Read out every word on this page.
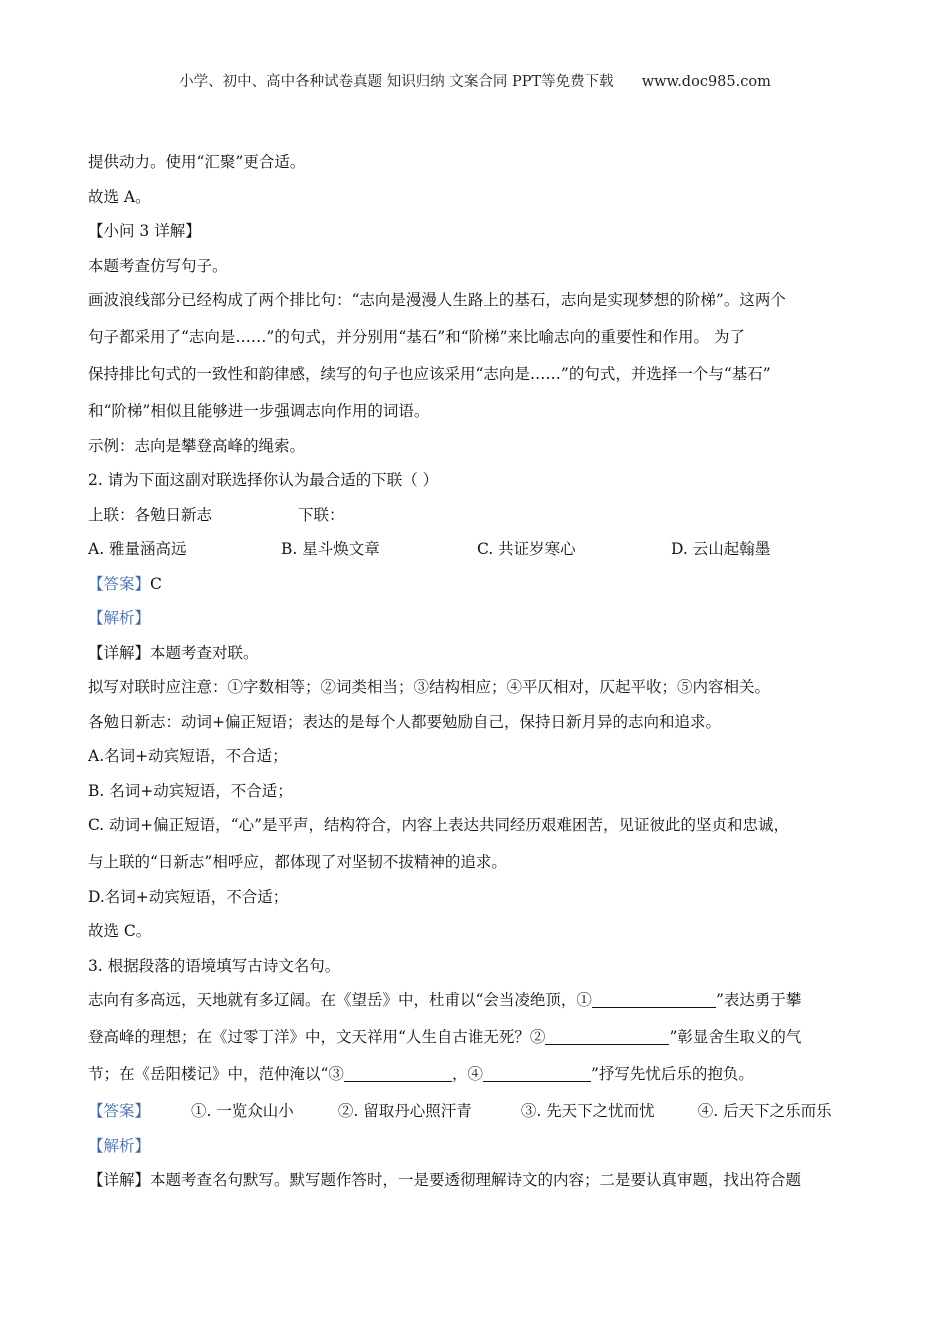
小学、初中、高中各种试卷真题 知识归纳 文案合同 PPT等免费下载 www.doc985.com
提供动力。使用“汇聚”更合适。
故选 A。
【小问 3 详解】
本题考查仿写句子。
画波浪线部分已经构成了两个排比句：“志向是漫漫人生路上的基石，志向是实现梦想的阶梯”。这两个
句子都采用了“志向是……”的句式，并分别用“基石”和“阶梯”来比喻志向的重要性和作用。 为了
保持排比句式的一致性和韵律感，续写的句子也应该采用“志向是……”的句式，并选择一个与“基石”
和“阶梯”相似且能够进一步强调志向作用的词语。
示例：志向是攀登高峰的绳索。
2. 请为下面这副对联选择你认为最合适的下联（ ）
上联：各勉日新志	下联：
A. 雅量涵高远	B. 星斗焕文章	C. 共证岁寒心	D. 云山起翰墨
【答案】C
【解析】
【详解】本题考查对联。
拟写对联时应注意：①字数相等；②词类相当；③结构相应；④平仄相对，仄起平收；⑤内容相关。
各勉日新志：动词+偏正短语；表达的是每个人都要勉励自己，保持日新月异的志向和追求。
A.名词+动宾短语，不合适；
B. 名词+动宾短语，不合适；
C. 动词+偏正短语，“心”是平声，结构符合，内容上表达共同经历艰难困苦，见证彼此的坚贞和忠诚，
与上联的“日新志”相呼应，都体现了对坚韧不拔精神的追求。
D.名词+动宾短语，不合适；
故选 C。
3. 根据段落的语境填写古诗文名句。
志向有多高远，天地就有多辽阔。在《望岳》中，杜甫以“会当凌绝顶，①	”表达勇于攀
登高峰的理想；在《过零丁洋》中，文天祥用“人生自古谁无死？②	”彰显舍生取义的气
节；在《岳阳楼记》中，范仲淹以“③	，④	”抒写先忧后乐的抱负。
【答案】	①. 一览众山小	②. 留取丹心照汗青	③. 先天下之忧而忧	④. 后天下之乐而乐
【解析】
【详解】本题考查名句默写。默写题作答时，一是要透彻理解诗文的内容；二是要认真审题，找出符合题
